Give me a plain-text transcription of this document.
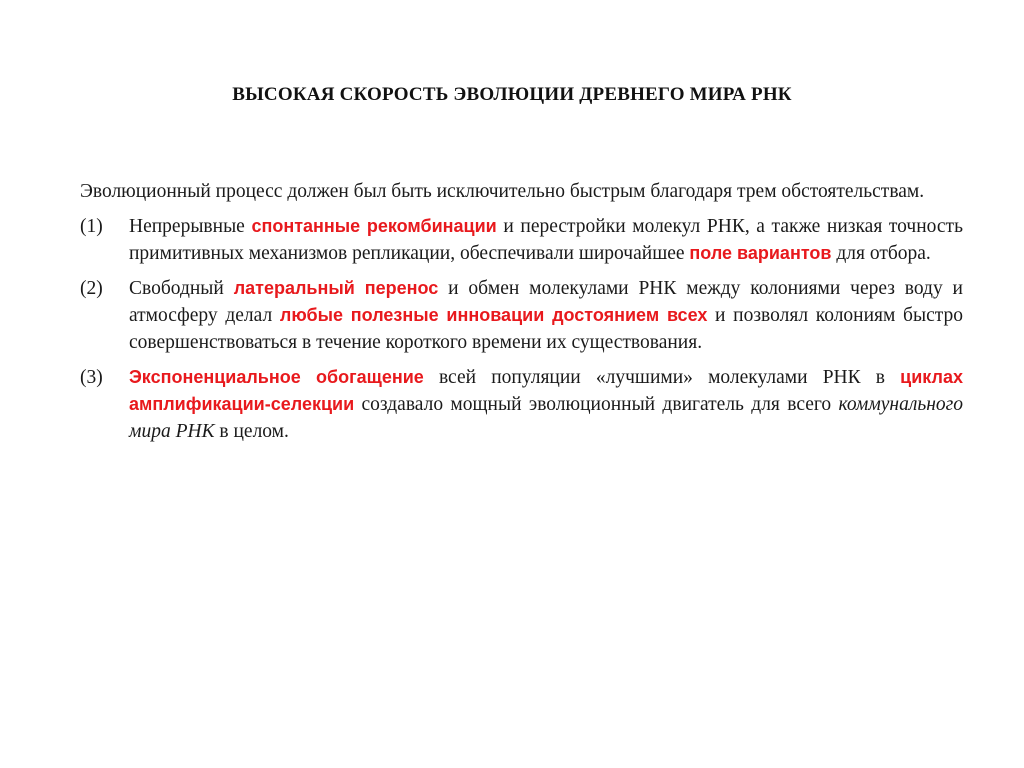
ВЫСОКАЯ СКОРОСТЬ ЭВОЛЮЦИИ ДРЕВНЕГО МИРА РНК

Эволюционный процесс должен был быть исключительно быстрым благодаря трем обстоятельствам.

(1) Непрерывные спонтанные рекомбинации и перестройки молекул РНК, а также низкая точность примитивных механизмов репликации, обеспечивали широчайшее поле вариантов для отбора.

(2) Свободный латеральный перенос и обмен молекулами РНК между колониями через воду и атмосферу делал любые полезные инновации достоянием всех и позволял колониям быстро совершенствоваться в течение короткого времени их существования.

(3) Экспоненциальное обогащение всей популяции «лучшими» молекулами РНК в циклах амплификации-селекции создавало мощный эволюционный двигатель для всего коммунального мира РНК в целом.
